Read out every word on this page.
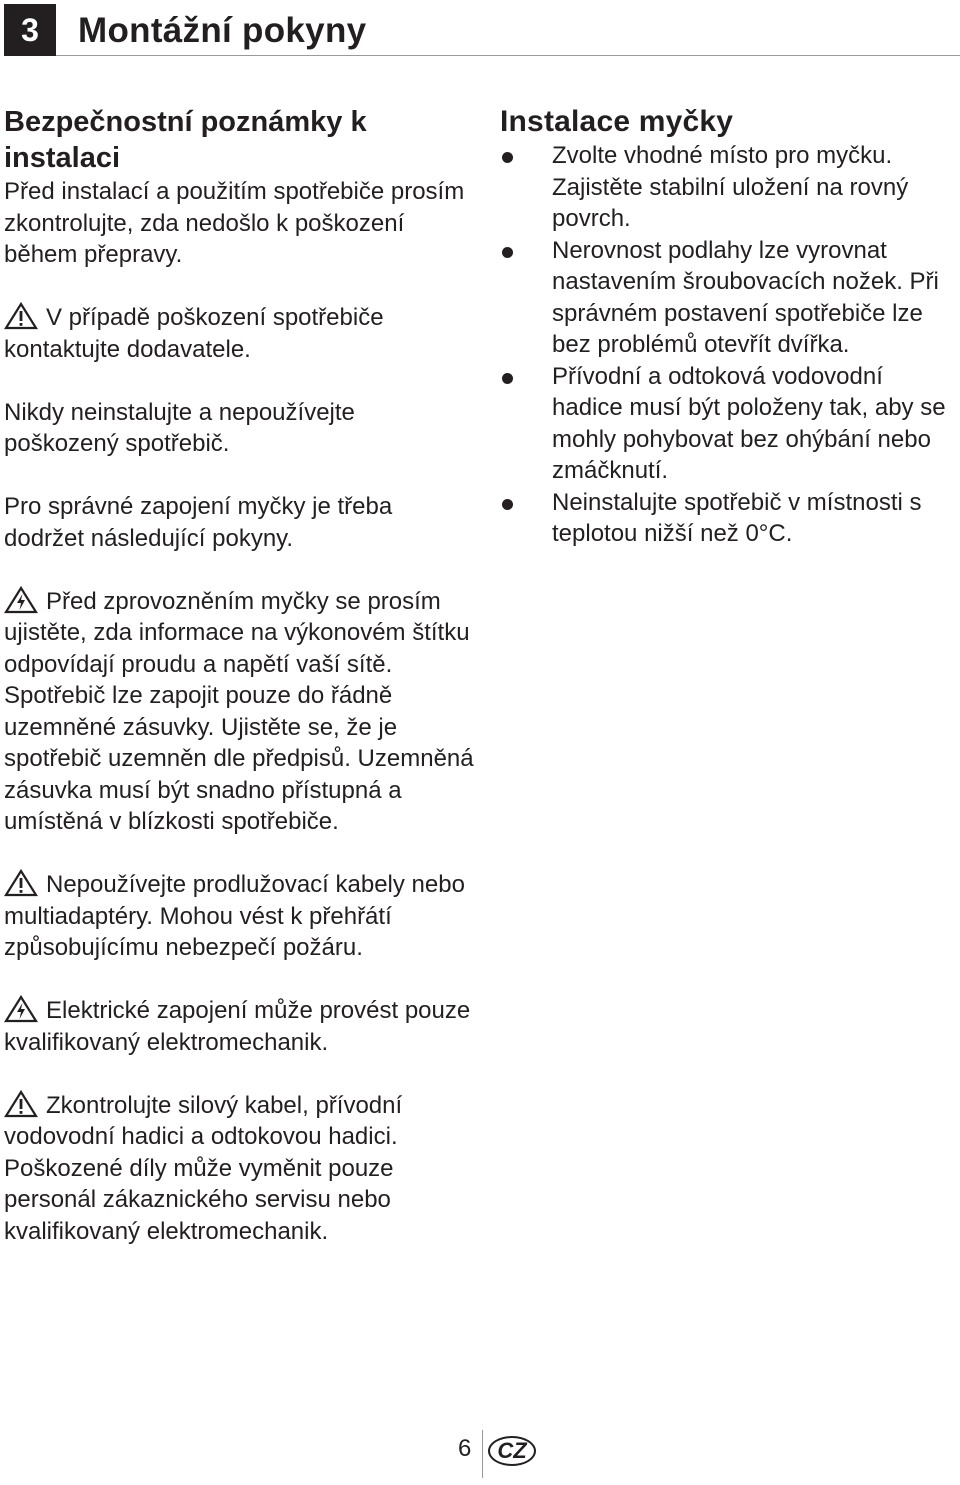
3	Montážní pokyny
Bezpečnostní poznámky k instalaci

Před instalací a použitím spotřebiče prosím zkontrolujte, zda nedošlo k poškození během přepravy.

V případě poškození spotřebiče kontaktujte dodavatele.

Nikdy neinstalujte a nepoužívejte poškozený spotřebič.

Pro správné zapojení myčky je třeba dodržet následující pokyny.

Před zprovozněním myčky se prosím ujistěte, zda informace na výkonovém štítku odpovídají proudu a napětí vaší sítě. Spotřebič lze zapojit pouze do řádně uzemněné zásuvky. Ujistěte se, že je spotřebič uzemněn dle předpisů. Uzemněná zásuvka musí být snadno přístupná a umístěná v blízkosti spotřebiče.

Nepoužívejte prodlužovací kabely nebo multiadaptéry. Mohou vést k přehřátí způsobujícímu nebezpečí požáru.

Elektrické zapojení může provést pouze kvalifikovaný elektromechanik.

Zkontrolujte silový kabel, přívodní vodovodní hadici a odtokovou hadici. Poškozené díly může vyměnit pouze personál zákaznického servisu nebo kvalifikovaný elektromechanik.

Instalace myčky
Zvolte vhodné místo pro myčku. Zajistěte stabilní uložení na rovný povrch.
Nerovnost podlahy lze vyrovnat nastavením šroubovacích nožek. Při správném postavení spotřebiče lze bez problémů otevřít dvířka.
Přívodní a odtoková vodovodní hadice musí být položeny tak, aby se mohly pohybovat bez ohýbání nebo zmáčknutí.
Neinstalujte spotřebič v místnosti s teplotou nižší než 0°C.
6	CZ
